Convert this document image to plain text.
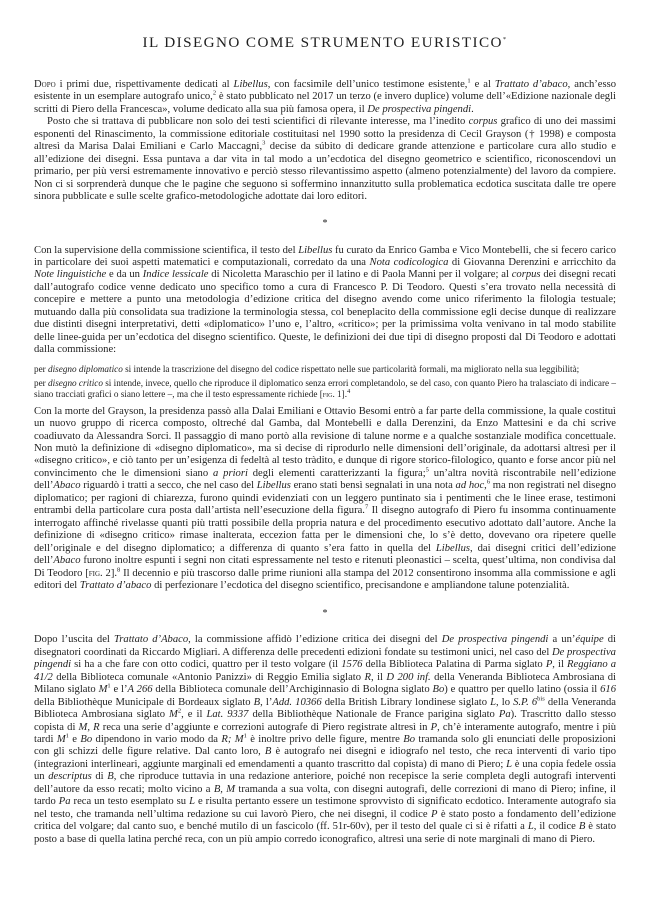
IL DISEGNO COME STRUMENTO EURISTICO*

Dopo i primi due, rispettivamente dedicati al Libellus, con facsimile dell’unico testimone esistente,$^1$ e al Trattato d’abaco, anch’esso esistente in un esemplare autografo unico,$^2$ è stato pubblicato nel 2017 un terzo (e invero duplice) volume dell’«Edizione nazionale degli scritti di Piero della Francesca», volume dedicato alla sua più famosa opera, il De prospectiva pingendi.

Posto che si trattava di pubblicare non solo dei testi scientifici di rilevante interesse, ma l’inedito corpus grafico di uno dei massimi esponenti del Rinascimento, la commissione editoriale costituitasi nel 1990 sotto la presidenza di Cecil Grayson († 1998) e composta altresì da Marisa Dalai Emiliani e Carlo Maccagni,$^3$ decise da súbito di dedicare grande attenzione e particolare cura allo studio e all’edizione dei disegni. Essa puntava a dar vita in tal modo a un’ecdotica del disegno geometrico e scientifico, riconoscendovi un primario, per più versi estremamente innovativo e perciò stesso rilevantissimo aspetto (almeno potenzialmente) del lavoro da compiere. Non ci si sorprenderà dunque che le pagine che seguono si soffermino innanzitutto sulla problematica ecdotica suscitata dalle tre opere sinora pubblicate e sulle scelte grafico-metodologiche adottate dai loro editori.

*

Con la supervisione della commissione scientifica, il testo del Libellus fu curato da Enrico Gamba e Vico Montebelli, che si fecero carico in particolare dei suoi aspetti matematici e computazionali, corredato da una Nota codicologica di Giovanna Derenzini e arricchito da Note linguistiche e da un Indice lessicale di Nicoletta Maraschio per il latino e di Paola Manni per il volgare; al corpus dei disegni recati dall’autografo codice venne dedicato uno specifico tomo a cura di Francesco P. Di Teodoro. Questi s’era trovato nella necessità di concepire e mettere a punto una metodologia d’edizione critica del disegno avendo come unico riferimento la filologia testuale; mutuando dalla più consolidata sua tradizione la terminologia stessa, col beneplacito della commissione egli decise dunque di realizzare due distinti disegni interpretativi, detti «diplomatico» l’uno e, l’altro, «critico»; per la primissima volta venivano in tal modo stabilite delle linee-guida per un’ecdotica del disegno scientifico. Queste, le definizioni dei due tipi di disegno proposti dal Di Teodoro e adottati dalla commissione:

per disegno diplomatico si intende la trascrizione del disegno del codice rispettato nelle sue particolarità formali, ma migliorato nella sua leggibilità;

per disegno critico si intende, invece, quello che riproduce il diplomatico senza errori completandolo, se del caso, con quanto Piero ha tralasciato di indicare – siano tracciati grafici o siano lettere –, ma che il testo espressamente richiede [fig. 1].$^4$

Con la morte del Grayson, la presidenza passò alla Dalai Emiliani e Ottavio Besomi entrò a far parte della commissione, la quale costituì un nuovo gruppo di ricerca composto, oltreché dal Gamba, dal Montebelli e dalla Derenzini, da Enzo Mattesini e da chi scrive coadiuvato da Alessandra Sorci. Il passaggio di mano portò alla revisione di talune norme e a qualche sostanziale modifica concettuale. Non mutò la definizione di «disegno diplomatico», ma si decise di riprodurlo nelle dimensioni dell’originale, da adottarsi altresì per il «disegno critico», e ciò tanto per un’esigenza di fedeltà al testo tràdito, e dunque di rigore storico-filologico, quanto e forse ancor più nel convincimento che le dimensioni siano a priori degli elementi caratterizzanti la figura;$^5$ un’altra novità riscontrabile nell’edizione dell’Abaco riguardò i tratti a secco, che nel caso del Libellus erano stati bensì segnalati in una nota ad hoc,$^6$ ma non registrati nel disegno diplomatico; per ragioni di chiarezza, furono quindi evidenziati con un leggero puntinato sia i pentimenti che le linee erase, testimoni entrambi della particolare cura posta dall’artista nell’esecuzione della figura.$^7$ Il disegno autografo di Piero fu insomma continuamente interrogato affinché rivelasse quanti più tratti possibile della propria natura e del procedimento esecutivo adottato dall’autore. Anche la definizione di «disegno critico» rimase inalterata, eccezion fatta per le dimensioni che, lo s’è detto, dovevano ora ripetere quelle dell’originale e del disegno diplomatico; a differenza di quanto s’era fatto in quella del Libellus, dai disegni critici dell’edizione dell’Abaco furono inoltre espunti i segni non citati espressamente nel testo e ritenuti pleonastici – scelta, quest’ultima, non condivisa dal Di Teodoro [fig. 2].$^8$ Il decennio e più trascorso dalle prime riunioni alla stampa del 2012 consentirono insomma alla commissione e agli editori del Trattato d’abaco di perfezionare l’ecdotica del disegno scientifico, precisandone e ampliandone talune potenzialità.

*

Dopo l’uscita del Trattato d’Abaco, la commissione affidò l’edizione critica dei disegni del De prospectiva pingendi a un’équipe di disegnatori coordinati da Riccardo Migliari. A differenza delle precedenti edizioni fondate su testimoni unici, nel caso del De prospectiva pingendi si ha a che fare con otto codici, quattro per il testo volgare (il 1576 della Biblioteca Palatina di Parma siglato P, il Reggiano a 41/2 della Biblioteca comunale «Antonio Panizzi» di Reggio Emilia siglato R, il D 200 inf. della Veneranda Biblioteca Ambrosiana di Milano siglato $M^1$ e l’A 266 della Biblioteca comunale dell’Archiginnasio di Bologna siglato Bo) e quattro per quello latino (ossia il 616 della Bibliothèque Municipale di Bordeaux siglato B, l’Add. 10366 della British Library londinese siglato L, lo S.P. $6^{bis}$ della Veneranda Biblioteca Ambrosiana siglato $M^2$, e il Lat. 9337 della Bibliothèque Nationale de France parigina siglato Pa). Trascritto dallo stesso copista di M, R reca una serie d’aggiunte e correzioni autografe di Piero registrate altresì in P, ch’è interamente autografo, mentre i più tardi $M^1$ e Bo dipendono in vario modo da R; $M^1$ è inoltre privo delle figure, mentre Bo tramanda solo gli enunciati delle proposizioni con gli schizzi delle figure relative. Dal canto loro, B è autografo nei disegni e idiografo nel testo, che reca interventi di vario tipo (integrazioni interlineari, aggiunte marginali ed emendamenti a quanto trascritto dal copista) di mano di Piero; L è una copia fedele ossia un descriptus di B, che riproduce tuttavia in una redazione anteriore, poiché non recepisce la serie completa degli autografi interventi dell’autore da esso recati; molto vicino a B, M tramanda a sua volta, con disegni autografi, delle correzioni di mano di Piero; infine, il tardo Pa reca un testo esemplato su L e risulta pertanto essere un testimone sprovvisto di significato ecdotico. Interamente autografo sia nel testo, che tramanda nell’ultima redazione su cui lavorò Piero, che nei disegni, il codice P è stato posto a fondamento dell’edizione critica del volgare; dal canto suo, e benché mutilo di un fascicolo (ff. 51r-60v), per il testo del quale ci si è rifatti a L, il codice B è stato posto a base di quella latina perché reca, con un più ampio corredo iconografico, altresì una serie di note marginali di mano di Piero.
